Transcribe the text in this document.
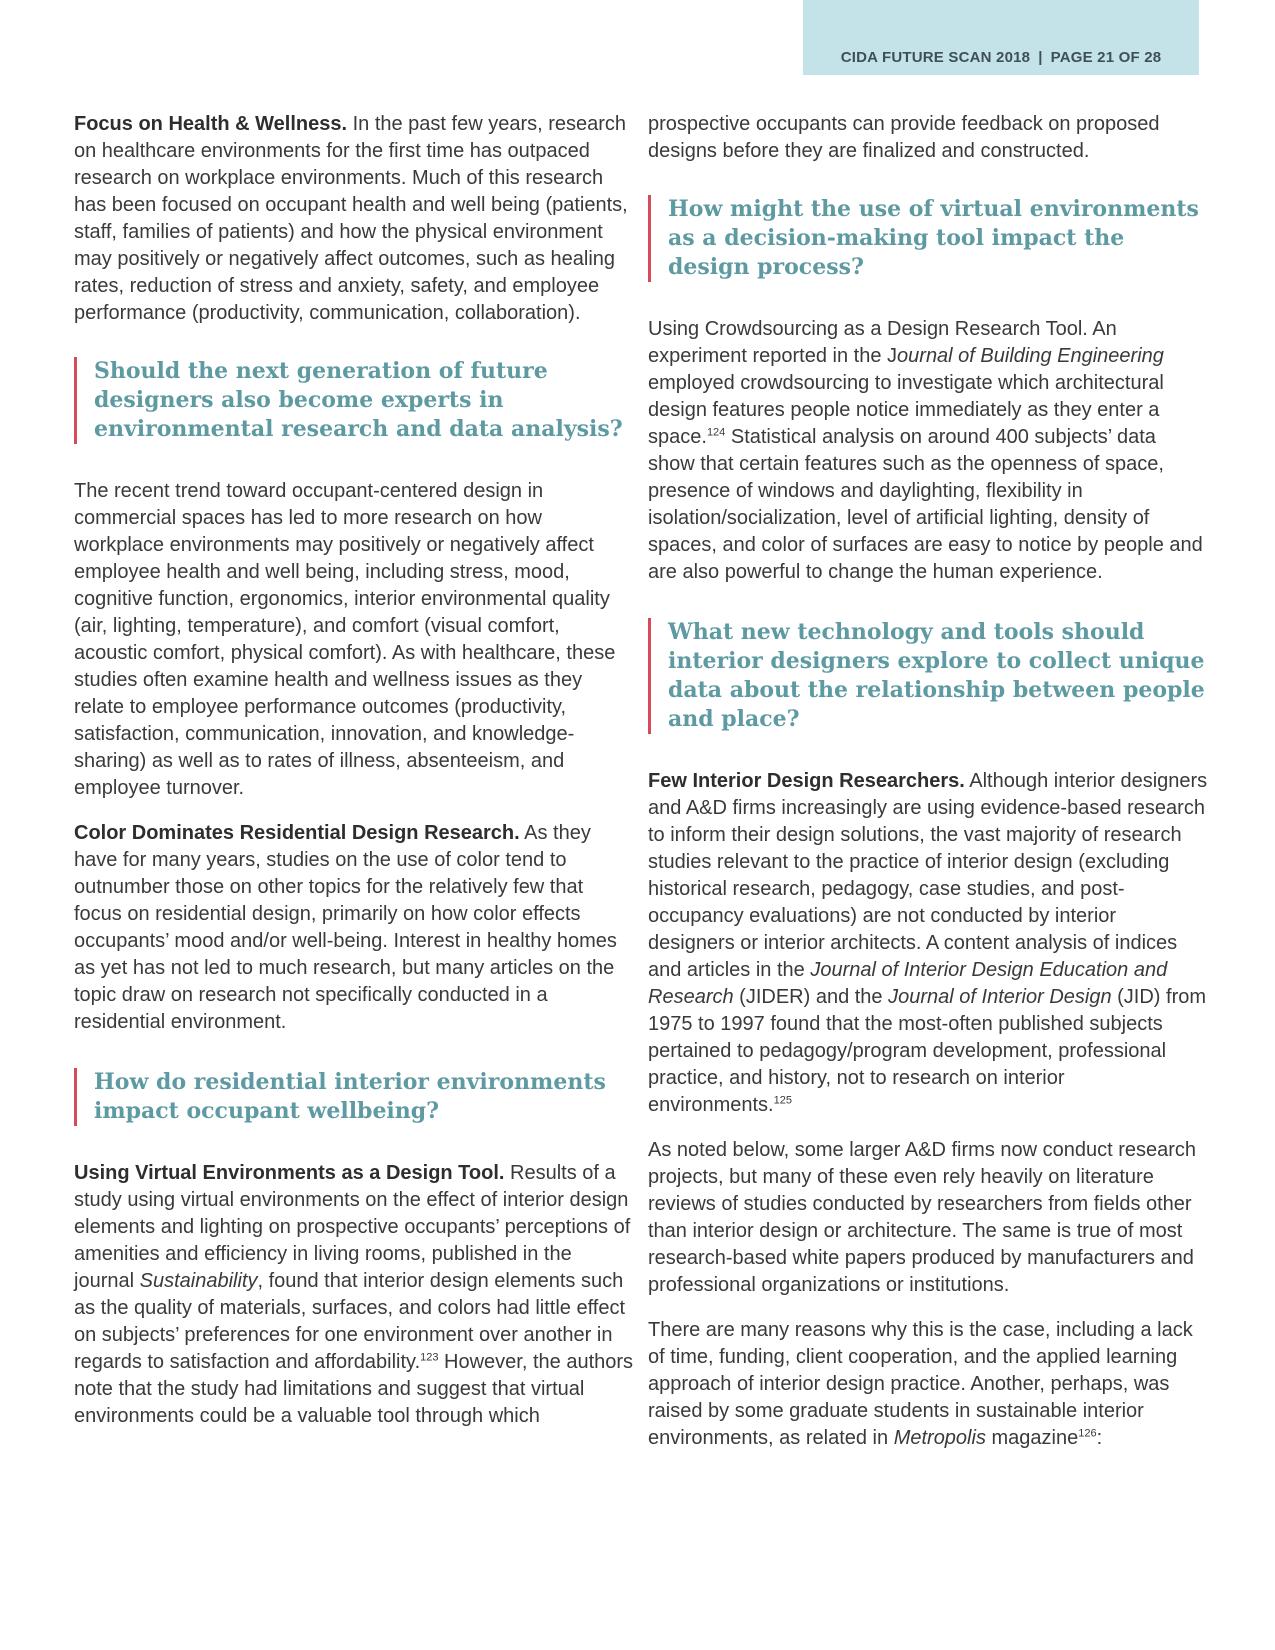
CIDA FUTURE SCAN 2018 | PAGE 21 OF 28

Focus on Health & Wellness. In the past few years, research on healthcare environments for the first time has outpaced research on workplace environments. Much of this research has been focused on occupant health and well being (patients, staff, families of patients) and how the physical environment may positively or negatively affect outcomes, such as healing rates, reduction of stress and anxiety, safety, and employee performance (productivity, communication, collaboration).

Should the next generation of future designers also become experts in environmental research and data analysis?

The recent trend toward occupant-centered design in commercial spaces has led to more research on how workplace environments may positively or negatively affect employee health and well being, including stress, mood, cognitive function, ergonomics, interior environmental quality (air, lighting, temperature), and comfort (visual comfort, acoustic comfort, physical comfort). As with healthcare, these studies often examine health and wellness issues as they relate to employee performance outcomes (productivity, satisfaction, communication, innovation, and knowledge-sharing) as well as to rates of illness, absenteeism, and employee turnover.

Color Dominates Residential Design Research. As they have for many years, studies on the use of color tend to outnumber those on other topics for the relatively few that focus on residential design, primarily on how color effects occupants’ mood and/or well-being. Interest in healthy homes as yet has not led to much research, but many articles on the topic draw on research not specifically conducted in a residential environment.

How do residential interior environments impact occupant wellbeing?

Using Virtual Environments as a Design Tool. Results of a study using virtual environments on the effect of interior design elements and lighting on prospective occupants’ perceptions of amenities and efficiency in living rooms, published in the journal Sustainability, found that interior design elements such as the quality of materials, surfaces, and colors had little effect on subjects’ preferences for one environment over another in regards to satisfaction and affordability.$^{123}$ However, the authors note that the study had limitations and suggest that virtual environments could be a valuable tool through which

prospective occupants can provide feedback on proposed designs before they are finalized and constructed.

How might the use of virtual environments as a decision-making tool impact the design process?

Using Crowdsourcing as a Design Research Tool. An experiment reported in the Journal of Building Engineering employed crowdsourcing to investigate which architectural design features people notice immediately as they enter a space.$^{124}$ Statistical analysis on around 400 subjects’ data show that certain features such as the openness of space, presence of windows and daylighting, flexibility in isolation/socialization, level of artificial lighting, density of spaces, and color of surfaces are easy to notice by people and are also powerful to change the human experience.

What new technology and tools should interior designers explore to collect unique data about the relationship between people and place?

Few Interior Design Researchers. Although interior designers and A&D firms increasingly are using evidence-based research to inform their design solutions, the vast majority of research studies relevant to the practice of interior design (excluding historical research, pedagogy, case studies, and post-occupancy evaluations) are not conducted by interior designers or interior architects. A content analysis of indices and articles in the Journal of Interior Design Education and Research (JIDER) and the Journal of Interior Design (JID) from 1975 to 1997 found that the most-often published subjects pertained to pedagogy/program development, professional practice, and history, not to research on interior environments.$^{125}$

As noted below, some larger A&D firms now conduct research projects, but many of these even rely heavily on literature reviews of studies conducted by researchers from fields other than interior design or architecture. The same is true of most research-based white papers produced by manufacturers and professional organizations or institutions.

There are many reasons why this is the case, including a lack of time, funding, client cooperation, and the applied learning approach of interior design practice. Another, perhaps, was raised by some graduate students in sustainable interior environments, as related in Metropolis magazine$^{126}$:
